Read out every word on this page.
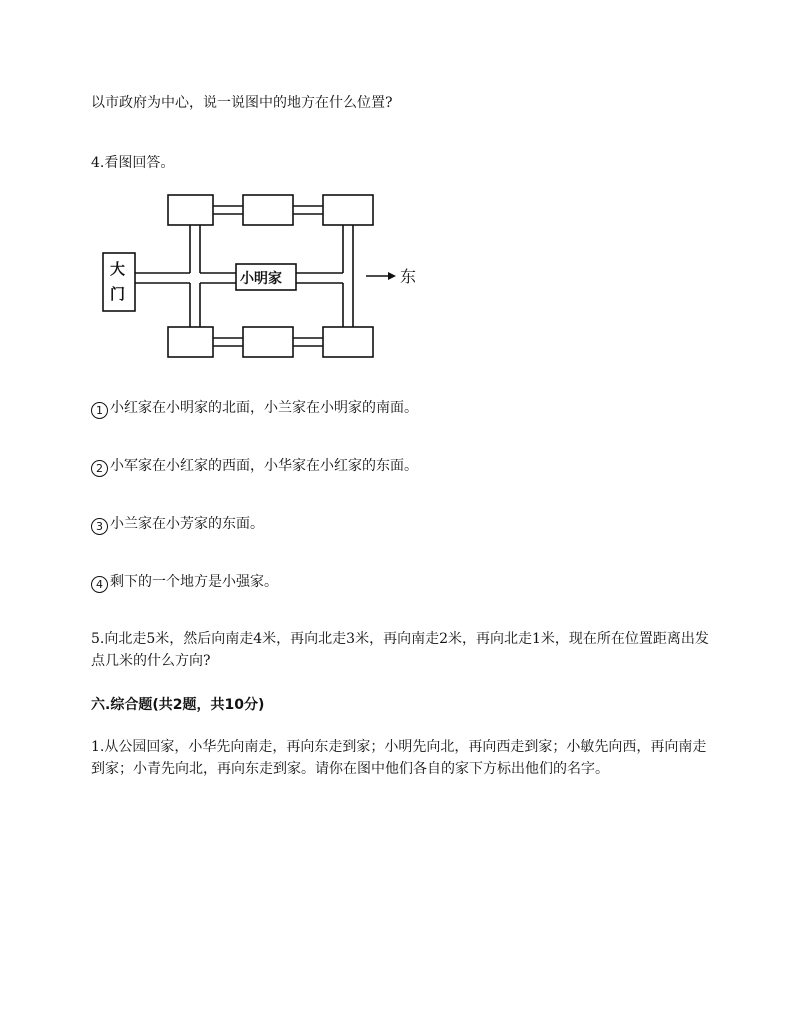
以市政府为中心，说一说图中的地方在什么位置?
4.看图回答。
大
门
小明家	东
1 小红家在小明家的北面，小兰家在小明家的南面。
2 小军家在小红家的西面，小华家在小红家的东面。
3 小兰家在小芳家的东面。
4 剩下的一个地方是小强家。
5.向北走5米，然后向南走4米，再向北走3米，再向南走2米，再向北走1米，现在所在位置距离出发点几米的什么方向?
六.综合题(共2题，共10分)
1.从公园回家，小华先向南走，再向东走到家；小明先向北，再向西走到家；小敏先向西，再向南走到家；小青先向北，再向东走到家。请你在图中他们各自的家下方标出他们的名字。
